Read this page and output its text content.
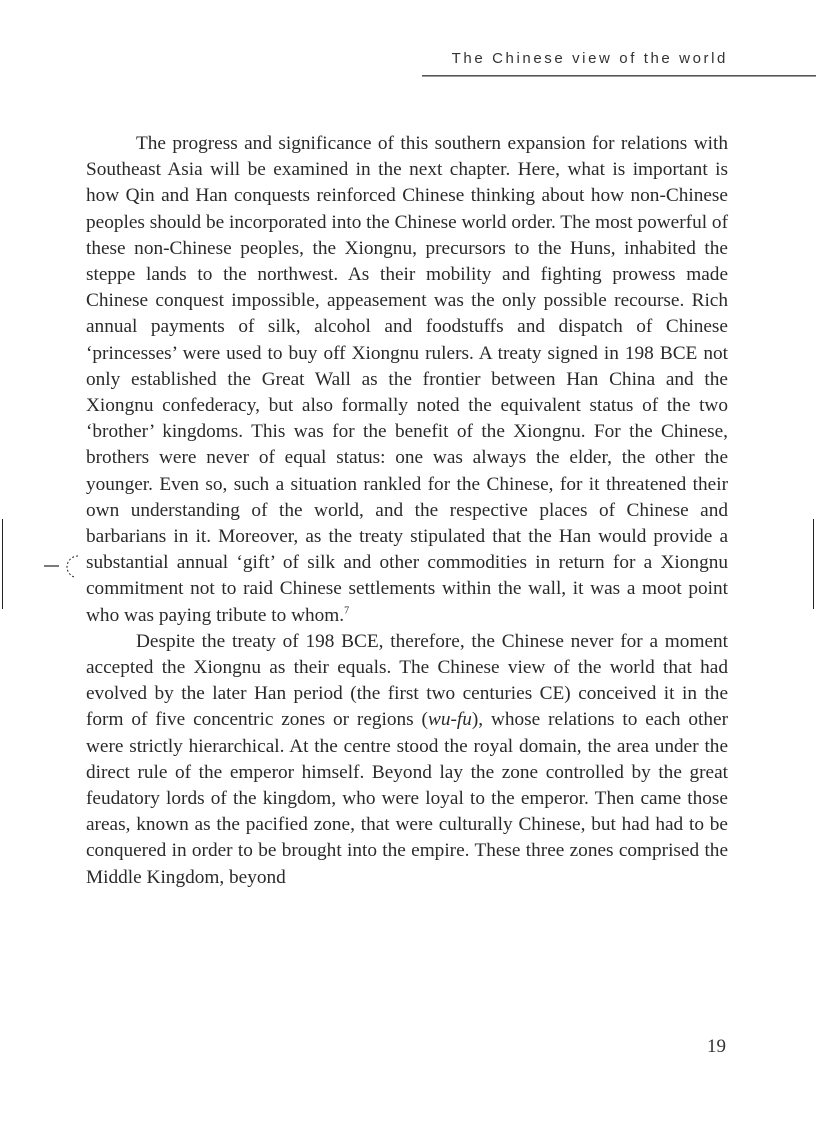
The Chinese view of the world

The progress and significance of this southern expansion for relations with Southeast Asia will be examined in the next chapter. Here, what is important is how Qin and Han conquests reinforced Chinese thinking about how non-Chinese peoples should be incorporated into the Chinese world order. The most powerful of these non-Chinese peoples, the Xiongnu, precursors to the Huns, inhabited the steppe lands to the northwest. As their mobility and fighting prowess made Chinese conquest impossible, appeasement was the only possible recourse. Rich annual payments of silk, alcohol and foodstuffs and dispatch of Chinese ‘princesses’ were used to buy off Xiongnu rulers. A treaty signed in 198 BCE not only established the Great Wall as the frontier between Han China and the Xiongnu confederacy, but also formally noted the equivalent status of the two ‘brother’ kingdoms. This was for the benefit of the Xiongnu. For the Chinese, brothers were never of equal status: one was always the elder, the other the younger. Even so, such a situation rankled for the Chinese, for it threatened their own understanding of the world, and the respective places of Chinese and barbarians in it. Moreover, as the treaty stipulated that the Han would provide a substantial annual ‘gift’ of silk and other commodities in return for a Xiongnu commitment not to raid Chinese settlements within the wall, it was a moot point who was paying tribute to whom.$^7$

Despite the treaty of 198 BCE, therefore, the Chinese never for a moment accepted the Xiongnu as their equals. The Chinese view of the world that had evolved by the later Han period (the first two centuries CE) conceived it in the form of five concentric zones or regions (wu-fu), whose relations to each other were strictly hierarchical. At the centre stood the royal domain, the area under the direct rule of the emperor himself. Beyond lay the zone controlled by the great feudatory lords of the kingdom, who were loyal to the emperor. Then came those areas, known as the pacified zone, that were culturally Chinese, but had had to be conquered in order to be brought into the empire. These three zones comprised the Middle Kingdom, beyond

19
